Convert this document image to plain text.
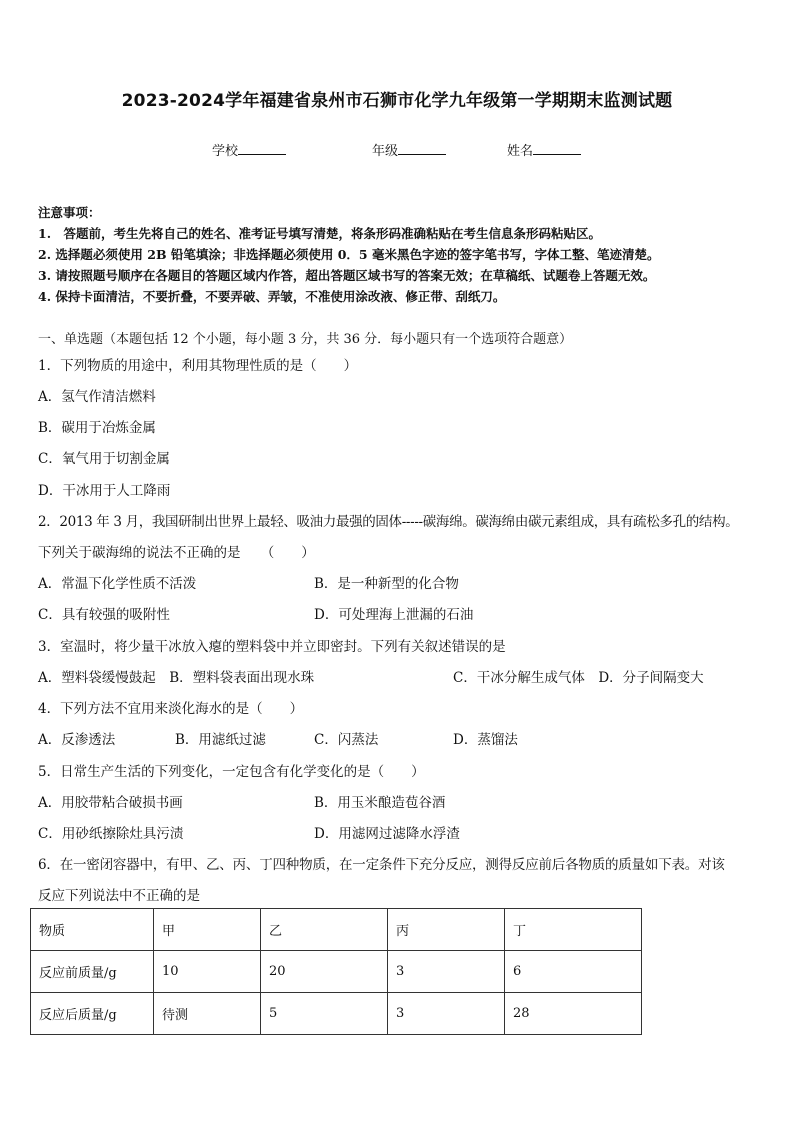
2023-2024学年福建省泉州市石狮市化学九年级第一学期期末监测试题
学校	年级	姓名
注意事项：
1.　答题前，考生先将自己的姓名、准考证号填写清楚，将条形码准确粘贴在考生信息条形码粘贴区。
2. 选择题必须使用 2B 铅笔填涂；非选择题必须使用 0．5 毫米黑色字迹的签字笔书写，字体工整、笔迹清楚。
3. 请按照题号顺序在各题目的答题区域内作答，超出答题区域书写的答案无效；在草稿纸、试题卷上答题无效。
4. 保持卡面清洁，不要折叠，不要弄破、弄皱，不准使用涂改液、修正带、刮纸刀。
一、单选题（本题包括 12 个小题，每小题 3 分，共 36 分．每小题只有一个选项符合题意）
1．下列物质的用途中，利用其物理性质的是（　　）
A．氢气作清洁燃料
B．碳用于冶炼金属
C．氧气用于切割金属
D．干冰用于人工降雨
2．2013 年 3 月，我国研制出世界上最轻、吸油力最强的固体-----碳海绵。碳海绵由碳元素组成，具有疏松多孔的结构。
下列关于碳海绵的说法不正确的是　　（　　）
A．常温下化学性质不活泼	B．是一种新型的化合物
C．具有较强的吸附性	D．可处理海上泄漏的石油
3．室温时，将少量干冰放入瘪的塑料袋中并立即密封。下列有关叙述错误的是
A．塑料袋缓慢鼓起　B．塑料袋表面出现水珠	C．干冰分解生成气体　D．分子间隔变大
4．下列方法不宜用来淡化海水的是（　　）
A．反渗透法	B．用滤纸过滤	C．闪蒸法	D．蒸馏法
5．日常生产生活的下列变化，一定包含有化学变化的是（　　）
A．用胶带粘合破损书画	B．用玉米酿造苞谷酒
C．用砂纸擦除灶具污渍	D．用滤网过滤降水浮渣
6．在一密闭容器中，有甲、乙、丙、丁四种物质，在一定条件下充分反应，测得反应前后各物质的质量如下表。对该
反应下列说法中不正确的是
物质	甲	乙	丙	丁
反应前质量/g	10	20	3	6
反应后质量/g	待测	5	3	28
